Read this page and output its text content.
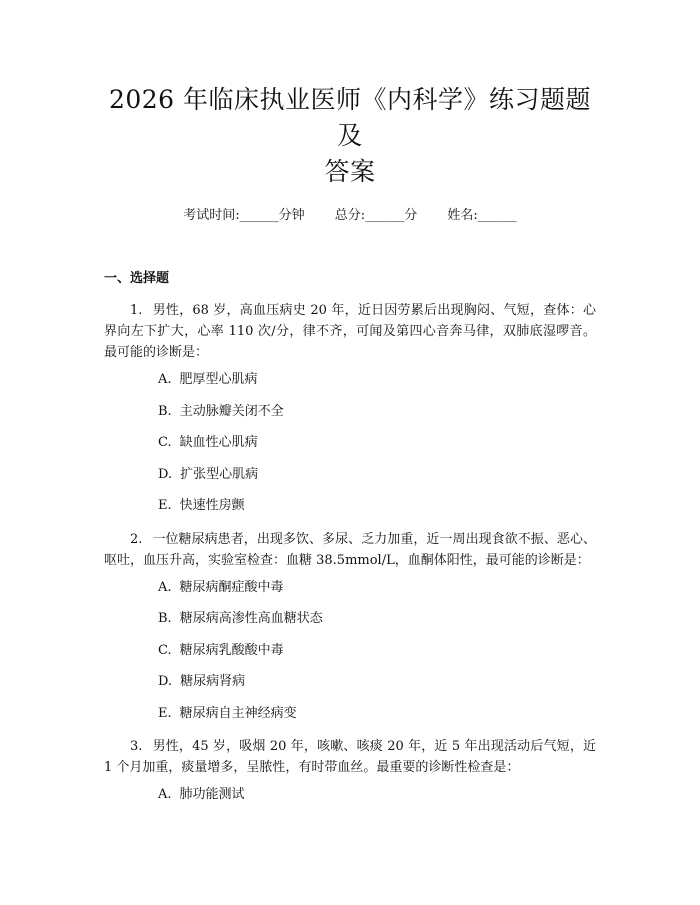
2026 年临床执业医师《内科学》练习题题及
答案
考试时间:______分钟 总分:______分 姓名:______
一、选择题
1. 男性，68 岁，高血压病史 20 年，近日因劳累后出现胸闷、气短，查体：心界向左下扩大，心率 110 次/分，律不齐，可闻及第四心音奔马律，双肺底湿啰音。最可能的诊断是：
A. 肥厚型心肌病
B. 主动脉瓣关闭不全
C. 缺血性心肌病
D. 扩张型心肌病
E. 快速性房颤
2. 一位糖尿病患者，出现多饮、多尿、乏力加重，近一周出现食欲不振、恶心、呕吐，血压升高，实验室检查：血糖 38.5mmol/L，血酮体阳性，最可能的诊断是：
A. 糖尿病酮症酸中毒
B. 糖尿病高渗性高血糖状态
C. 糖尿病乳酸酸中毒
D. 糖尿病肾病
E. 糖尿病自主神经病变
3. 男性，45 岁，吸烟 20 年，咳嗽、咳痰 20 年，近 5 年出现活动后气短，近 1 个月加重，痰量增多，呈脓性，有时带血丝。最重要的诊断性检查是：
A. 肺功能测试
